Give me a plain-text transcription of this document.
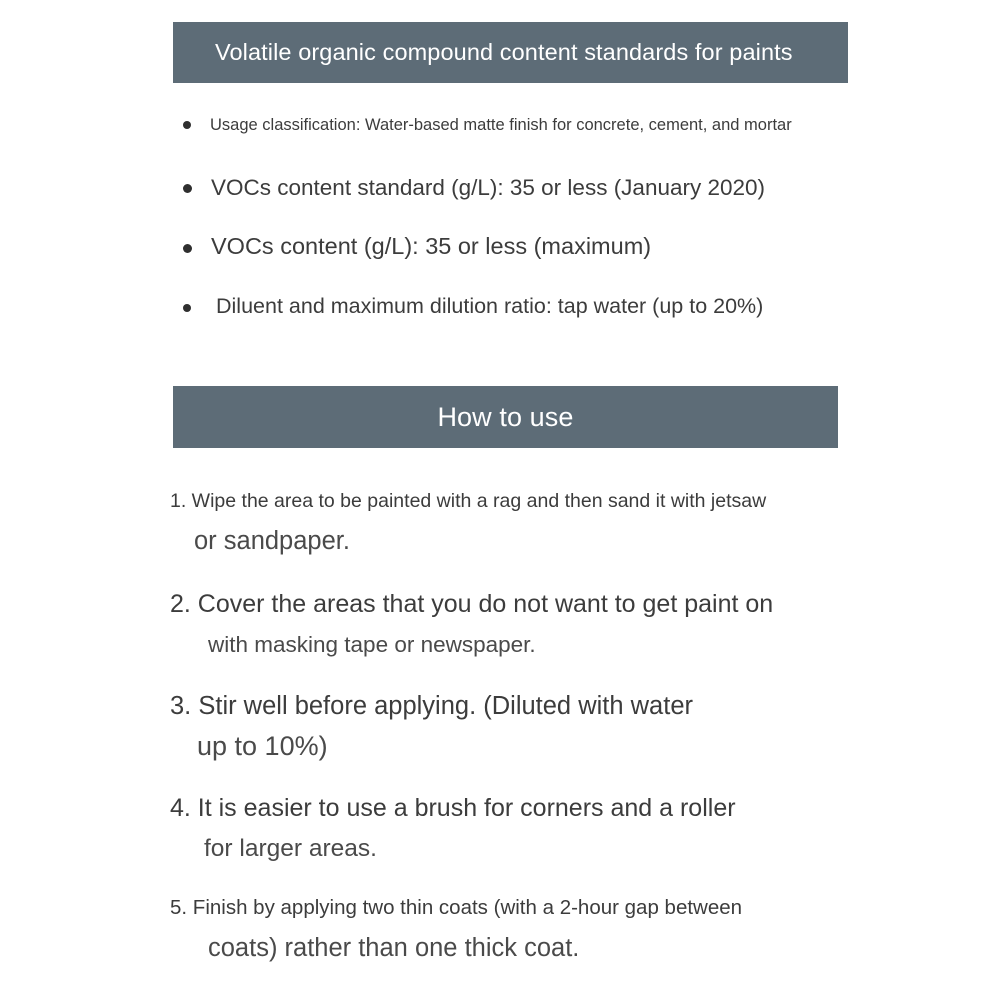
Volatile organic compound content standards for paints
Usage classification: Water-based matte finish for concrete, cement, and mortar
VOCs content standard (g/L): 35 or less (January 2020)
VOCs content (g/L): 35 or less (maximum)
Diluent and maximum dilution ratio: tap water (up to 20%)
How to use
1. Wipe the area to be painted with a rag and then sand it with jetsaw
or sandpaper.
2. Cover the areas that you do not want to get paint on
with masking tape or newspaper.
3. Stir well before applying. (Diluted with water
up to 10%)
4. It is easier to use a brush for corners and a roller
for larger areas.
5. Finish by applying two thin coats (with a 2-hour gap between
coats) rather than one thick coat.
